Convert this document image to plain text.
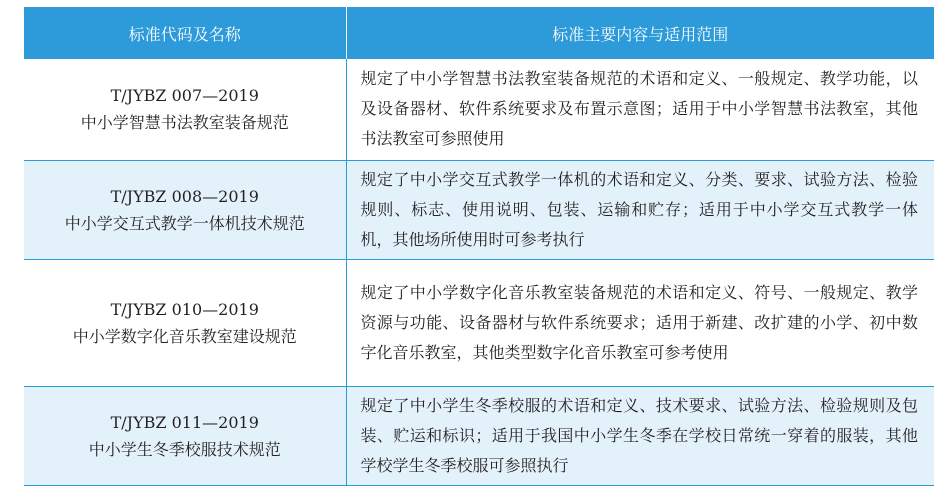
标准代码及名称	标准主要内容与适用范围

T/JYBZ 007—2019
中小学智慧书法教室装备规范	规定了中小学智慧书法教室装备规范的术语和定义、一般规定、教学功能，以及设备器材、软件系统要求及布置示意图；适用于中小学智慧书法教室，其他书法教室可参照使用

T/JYBZ 008—2019
中小学交互式教学一体机技术规范	规定了中小学交互式教学一体机的术语和定义、分类、要求、试验方法、检验规则、标志、使用说明、包装、运输和贮存；适用于中小学交互式教学一体机，其他场所使用时可参考执行

T/JYBZ 010—2019
中小学数字化音乐教室建设规范	规定了中小学数字化音乐教室装备规范的术语和定义、符号、一般规定、教学资源与功能、设备器材与软件系统要求；适用于新建、改扩建的小学、初中数字化音乐教室，其他类型数字化音乐教室可参考使用

T/JYBZ 011—2019
中小学生冬季校服技术规范	规定了中小学生冬季校服的术语和定义、技术要求、试验方法、检验规则及包装、贮运和标识；适用于我国中小学生冬季在学校日常统一穿着的服装，其他学校学生冬季校服可参照执行
